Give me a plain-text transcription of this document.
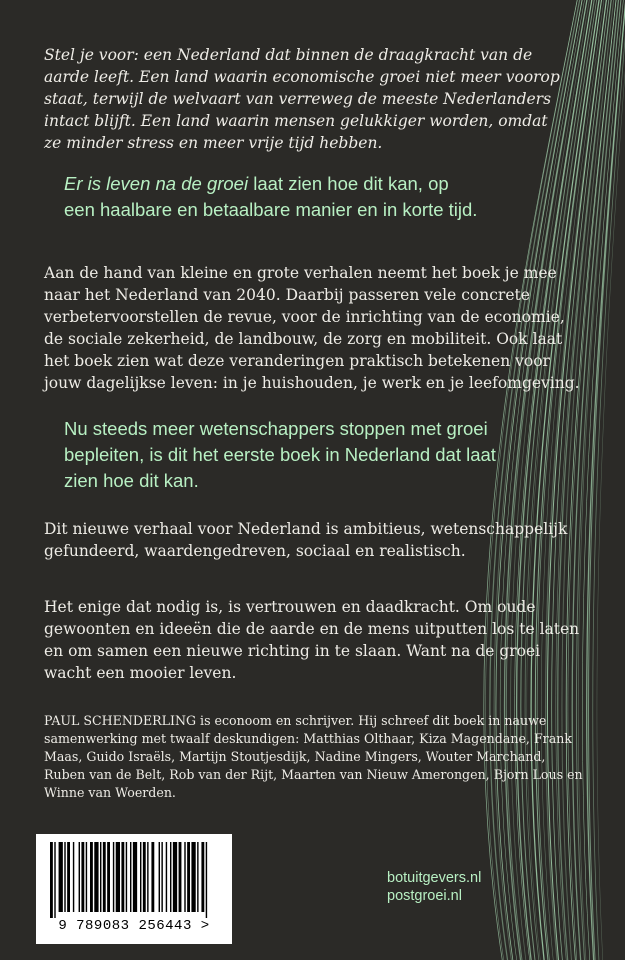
Stel je voor: een Nederland dat binnen de draagkracht van de aarde leeft. Een land waarin economische groei niet meer voorop staat, terwijl de welvaart van verreweg de meeste Nederlanders intact blijft. Een land waarin mensen gelukkiger worden, omdat ze minder stress en meer vrije tijd hebben.

Er is leven na de groei laat zien hoe dit kan, op een haalbare en betaalbare manier en in korte tijd.

Aan de hand van kleine en grote verhalen neemt het boek je mee naar het Nederland van 2040. Daarbij passeren vele concrete verbetervoorstellen de revue, voor de inrichting van de economie, de sociale zekerheid, de landbouw, de zorg en mobiliteit. Ook laat het boek zien wat deze veranderingen praktisch betekenen voor jouw dagelijkse leven: in je huishouden, je werk en je leefomgeving.

Nu steeds meer wetenschappers stoppen met groei bepleiten, is dit het eerste boek in Nederland dat laat zien hoe dit kan.

Dit nieuwe verhaal voor Nederland is ambitieus, wetenschappelijk gefundeerd, waardengedreven, sociaal en realistisch.

Het enige dat nodig is, is vertrouwen en daadkracht. Om oude gewoonten en ideeën die de aarde en de mens uitputten los te laten en om samen een nieuwe richting in te slaan. Want na de groei wacht een mooier leven.

PAUL SCHENDERLING is econoom en schrijver. Hij schreef dit boek in nauwe samenwerking met twaalf deskundigen: Matthias Olthaar, Kiza Magendane, Frank Maas, Guido Israëls, Martijn Stoutjesdijk, Nadine Mingers, Wouter Marchand, Ruben van de Belt, Rob van der Rijt, Maarten van Nieuw Amerongen, Bjorn Lous en Winne van Woerden.

9 789083 256443 >
botuitgevers.nl
postgroei.nl
